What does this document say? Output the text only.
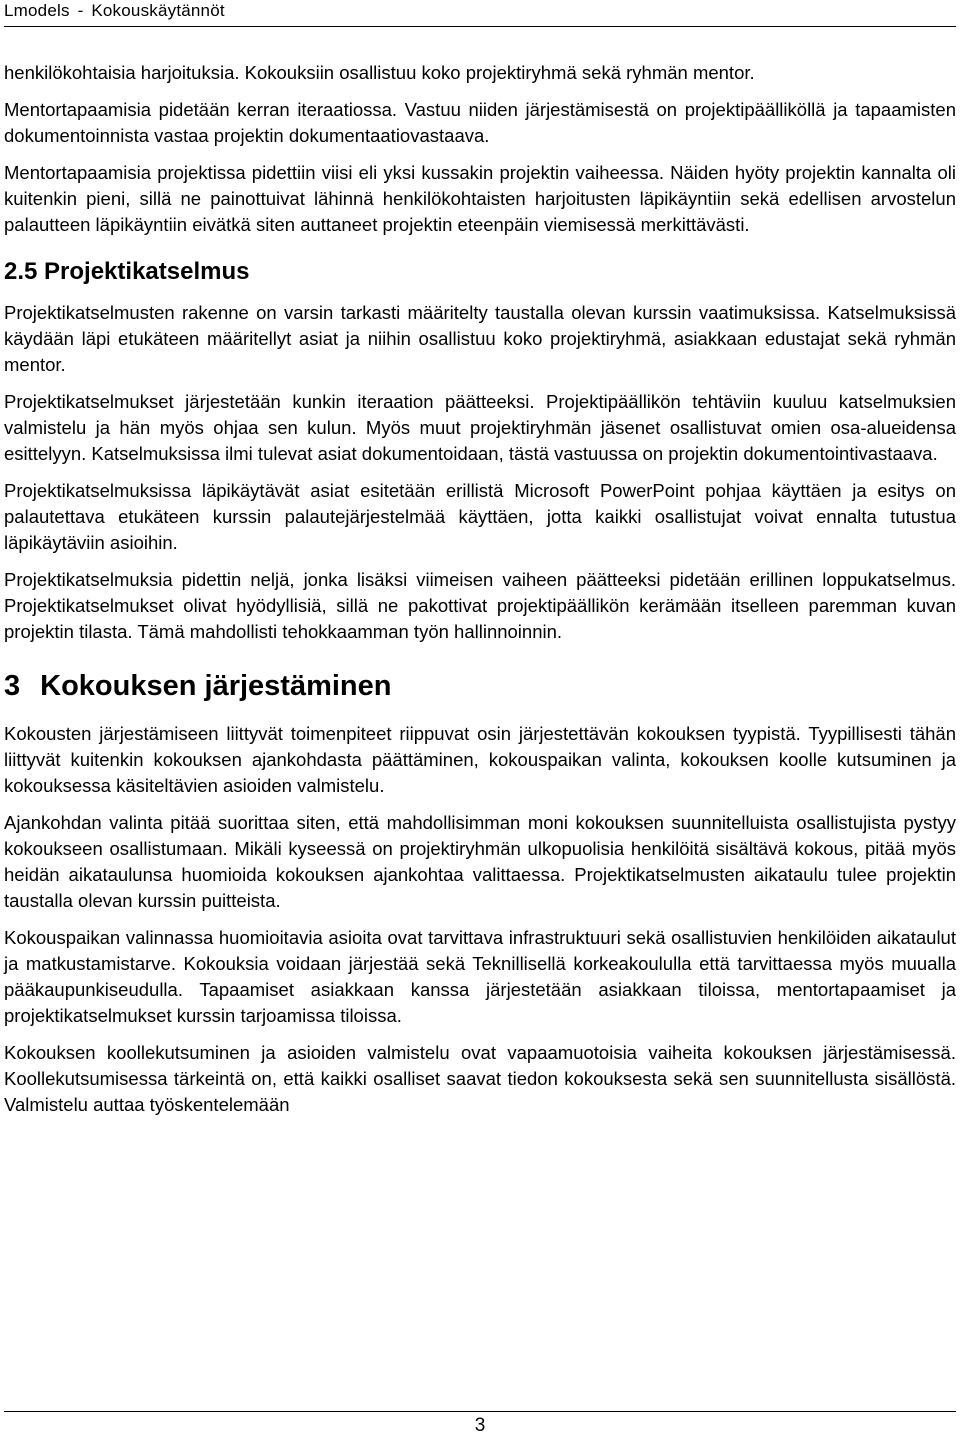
Lmodels - Kokouskäytännöt

henkilökohtaisia harjoituksia. Kokouksiin osallistuu koko projektiryhmä sekä ryhmän mentor.

Mentortapaamisia pidetään kerran iteraatiossa. Vastuu niiden järjestämisestä on projektipäälliköllä ja tapaamisten dokumentoinnista vastaa projektin dokumentaatiovastaava.

Mentortapaamisia projektissa pidettiin viisi eli yksi kussakin projektin vaiheessa. Näiden hyöty projektin kannalta oli kuitenkin pieni, sillä ne painottuivat lähinnä henkilökohtaisten harjoitusten läpikäyntiin sekä edellisen arvostelun palautteen läpikäyntiin eivätkä siten auttaneet projektin eteenpäin viemisessä merkittävästi.

2.5 Projektikatselmus

Projektikatselmusten rakenne on varsin tarkasti määritelty taustalla olevan kurssin vaatimuksissa. Katselmuksissä käydään läpi etukäteen määritellyt asiat ja niihin osallistuu koko projektiryhmä, asiakkaan edustajat sekä ryhmän mentor.

Projektikatselmukset järjestetään kunkin iteraation päätteeksi. Projektipäällikön tehtäviin kuuluu katselmuksien valmistelu ja hän myös ohjaa sen kulun. Myös muut projektiryhmän jäsenet osallistuvat omien osa-alueidensa esittelyyn. Katselmuksissa ilmi tulevat asiat dokumentoidaan, tästä vastuussa on projektin dokumentointivastaava.

Projektikatselmuksissa läpikäytävät asiat esitetään erillistä Microsoft PowerPoint pohjaa käyttäen ja esitys on palautettava etukäteen kurssin palautejärjestelmää käyttäen, jotta kaikki osallistujat voivat ennalta tutustua läpikäytäviin asioihin.

Projektikatselmuksia pidettin neljä, jonka lisäksi viimeisen vaiheen päätteeksi pidetään erillinen loppukatselmus. Projektikatselmukset olivat hyödyllisiä, sillä ne pakottivat projektipäällikön kerämään itselleen paremman kuvan projektin tilasta. Tämä mahdollisti tehokkaamman työn hallinnoinnin.

3 Kokouksen järjestäminen

Kokousten järjestämiseen liittyvät toimenpiteet riippuvat osin järjestettävän kokouksen tyypistä. Tyypillisesti tähän liittyvät kuitenkin kokouksen ajankohdasta päättäminen, kokouspaikan valinta, kokouksen koolle kutsuminen ja kokouksessa käsiteltävien asioiden valmistelu.

Ajankohdan valinta pitää suorittaa siten, että mahdollisimman moni kokouksen suunnitelluista osallistujista pystyy kokoukseen osallistumaan. Mikäli kyseessä on projektiryhmän ulkopuolisia henkilöitä sisältävä kokous, pitää myös heidän aikataulunsa huomioida kokouksen ajankohtaa valittaessa. Projektikatselmusten aikataulu tulee projektin taustalla olevan kurssin puitteista.

Kokouspaikan valinnassa huomioitavia asioita ovat tarvittava infrastruktuuri sekä osallistuvien henkilöiden aikataulut ja matkustamistarve. Kokouksia voidaan järjestää sekä Teknillisellä korkeakoululla että tarvittaessa myös muualla pääkaupunkiseudulla. Tapaamiset asiakkaan kanssa järjestetään asiakkaan tiloissa, mentortapaamiset ja projektikatselmukset kurssin tarjoamissa tiloissa.

Kokouksen koollekutsuminen ja asioiden valmistelu ovat vapaamuotoisia vaiheita kokouksen järjestämisessä. Koollekutsumisessa tärkeintä on, että kaikki osalliset saavat tiedon kokouksesta sekä sen suunnitellusta sisällöstä. Valmistelu auttaa työskentelemään

3
